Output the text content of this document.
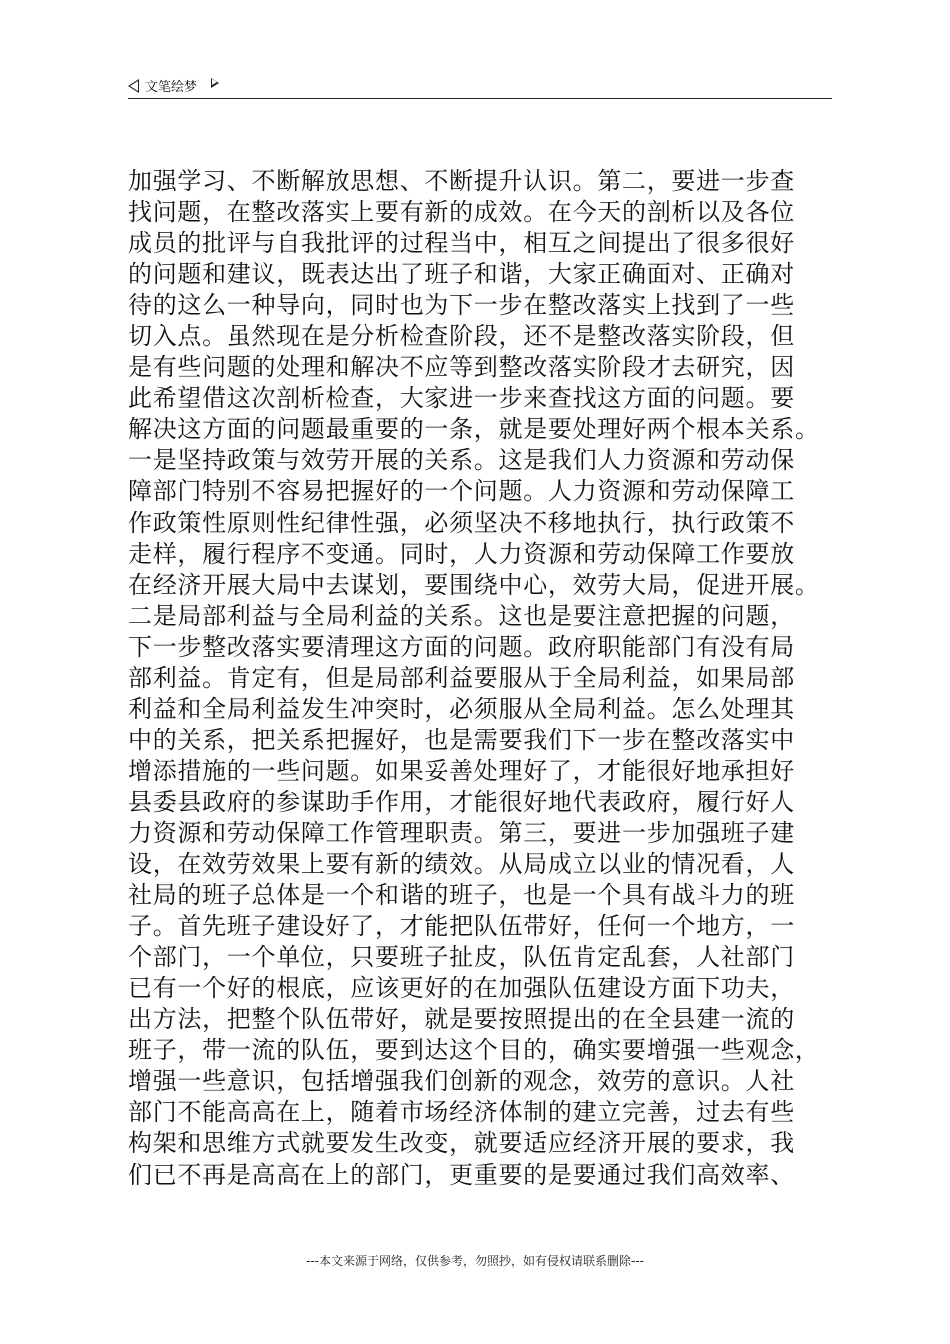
文笔绘梦
加强学习、不断解放思想、不断提升认识。第二，要进一步查
找问题，在整改落实上要有新的成效。在今天的剖析以及各位
成员的批评与自我批评的过程当中，相互之间提出了很多很好
的问题和建议，既表达出了班子和谐，大家正确面对、正确对
待的这么一种导向，同时也为下一步在整改落实上找到了一些
切入点。虽然现在是分析检查阶段，还不是整改落实阶段，但
是有些问题的处理和解决不应等到整改落实阶段才去研究，因
此希望借这次剖析检查，大家进一步来查找这方面的问题。要
解决这方面的问题最重要的一条，就是要处理好两个根本关系。
一是坚持政策与效劳开展的关系。这是我们人力资源和劳动保
障部门特别不容易把握好的一个问题。人力资源和劳动保障工
作政策性原则性纪律性强，必须坚决不移地执行，执行政策不
走样，履行程序不变通。同时，人力资源和劳动保障工作要放
在经济开展大局中去谋划，要围绕中心，效劳大局，促进开展。
二是局部利益与全局利益的关系。这也是要注意把握的问题，
下一步整改落实要清理这方面的问题。政府职能部门有没有局
部利益。肯定有，但是局部利益要服从于全局利益，如果局部
利益和全局利益发生冲突时，必须服从全局利益。怎么处理其
中的关系，把关系把握好，也是需要我们下一步在整改落实中
增添措施的一些问题。如果妥善处理好了，才能很好地承担好
县委县政府的参谋助手作用，才能很好地代表政府，履行好人
力资源和劳动保障工作管理职责。第三，要进一步加强班子建
设，在效劳效果上要有新的绩效。从局成立以业的情况看，人
社局的班子总体是一个和谐的班子，也是一个具有战斗力的班
子。首先班子建设好了，才能把队伍带好，任何一个地方，一
个部门，一个单位，只要班子扯皮，队伍肯定乱套，人社部门
已有一个好的根底，应该更好的在加强队伍建设方面下功夫，
出方法，把整个队伍带好，就是要按照提出的在全县建一流的
班子，带一流的队伍，要到达这个目的，确实要增强一些观念，
增强一些意识，包括增强我们创新的观念，效劳的意识。人社
部门不能高高在上，随着市场经济体制的建立完善，过去有些
构架和思维方式就要发生改变，就要适应经济开展的要求，我
们已不再是高高在上的部门，更重要的是要通过我们高效率、
---本文来源于网络，仅供参考，勿照抄，如有侵权请联系删除---
